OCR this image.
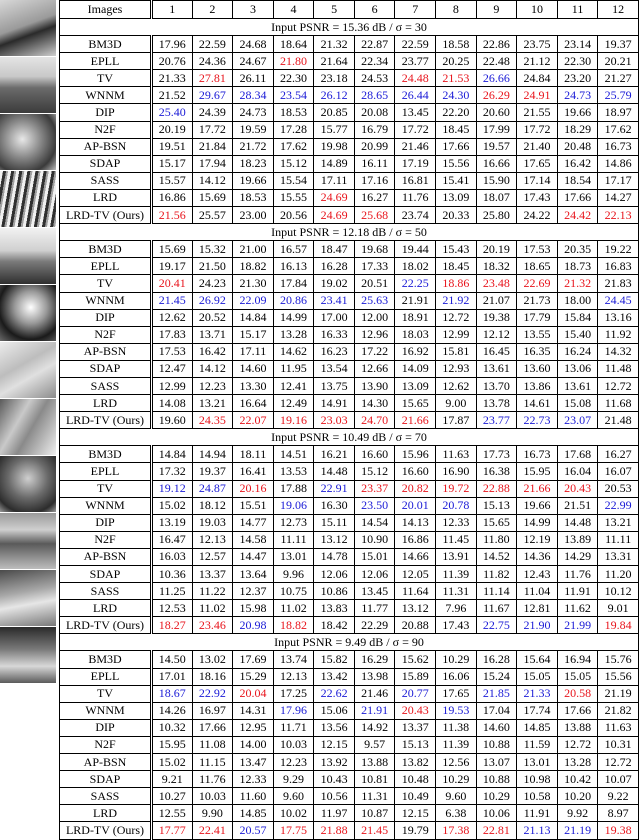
Images	1	2	3	4	5	6	7	8	9	10	11	12
Input PSNR = 15.36 dB / σ = 30												
BM3D	17.96	22.59	24.68	18.64	21.32	22.87	22.59	18.58	22.86	23.75	23.14	19.37
EPLL	20.76	24.36	24.67	21.80	21.64	22.34	23.77	20.25	22.48	21.12	22.30	20.21
TV	21.33	27.81	26.11	22.30	23.18	24.53	24.48	21.53	26.66	24.84	23.20	21.27
WNNM	21.52	29.67	28.34	23.54	26.12	28.65	26.44	24.30	26.29	24.91	24.73	25.79
DIP	25.40	24.39	24.73	18.53	20.85	20.08	13.45	22.20	20.60	21.55	19.66	18.97
N2F	20.19	17.72	19.59	17.28	15.77	16.79	17.72	18.45	17.99	17.72	18.29	17.62
AP-BSN	19.51	21.84	21.72	17.62	19.98	20.99	21.46	17.66	19.57	21.40	20.48	16.73
SDAP	15.17	17.94	18.23	15.12	14.89	16.11	17.19	15.56	16.66	17.65	16.42	14.86
SASS	15.57	14.12	19.66	15.54	17.11	17.16	16.81	15.41	15.90	17.14	18.54	17.17
LRD	16.86	15.69	18.53	15.55	24.69	16.27	11.76	13.09	18.07	17.43	17.66	14.27
LRD-TV (Ours)	21.56	25.57	23.00	20.56	24.69	25.68	23.74	20.33	25.80	24.22	24.42	22.13
Input PSNR = 12.18 dB / σ = 50												
BM3D	15.69	15.32	21.00	16.57	18.47	19.68	19.44	15.43	20.19	17.53	20.35	19.22
EPLL	19.17	21.50	18.82	16.13	16.28	17.33	18.02	18.45	18.32	18.65	18.73	16.83
TV	20.41	24.23	21.30	17.84	19.02	20.51	22.25	18.86	23.48	22.69	21.32	21.83
WNNM	21.45	26.92	22.09	20.86	23.41	25.63	21.91	21.92	21.07	21.73	18.00	24.45
DIP	12.62	20.52	14.84	14.99	17.00	12.00	18.91	12.72	19.38	17.79	15.84	13.16
N2F	17.83	13.71	15.17	13.28	16.33	12.96	18.03	12.99	12.12	13.55	15.40	11.92
AP-BSN	17.53	16.42	17.11	14.62	16.23	17.22	16.92	15.81	16.45	16.35	16.24	14.32
SDAP	12.47	14.12	14.60	11.95	13.54	12.66	14.09	12.93	13.61	13.60	13.06	11.48
SASS	12.99	12.23	13.30	12.41	13.75	13.90	13.09	12.62	13.70	13.86	13.61	12.72
LRD	14.08	13.21	16.64	12.49	14.91	14.30	15.65	9.00	13.78	14.61	15.08	11.68
LRD-TV (Ours)	19.60	24.35	22.07	19.16	23.03	24.70	21.66	17.87	23.77	22.73	23.07	21.48
Input PSNR = 10.49 dB / σ = 70												
BM3D	14.84	14.94	18.11	14.51	16.21	16.60	15.96	11.63	17.73	16.73	17.68	16.27
EPLL	17.32	19.37	16.41	13.53	14.48	15.12	16.60	16.90	16.38	15.95	16.04	16.07
TV	19.12	24.87	20.16	17.88	22.91	23.37	20.82	19.72	22.88	21.66	20.43	20.53
WNNM	15.02	18.12	15.51	19.06	16.30	23.50	20.01	20.78	15.13	19.66	21.51	22.99
DIP	13.19	19.03	14.77	12.73	15.11	14.54	14.13	12.33	15.65	14.99	14.48	13.21
N2F	16.47	12.13	14.58	11.11	13.12	10.90	16.86	11.45	11.80	12.19	13.89	11.11
AP-BSN	16.03	12.57	14.47	13.01	14.78	15.01	14.66	13.91	14.52	14.36	14.29	13.31
SDAP	10.36	13.37	13.64	9.96	12.06	12.06	12.05	11.39	11.82	12.43	11.76	11.20
SASS	11.25	11.22	12.37	10.75	10.86	13.45	11.64	11.31	11.14	11.04	11.91	10.12
LRD	12.53	11.02	15.98	11.02	13.83	11.77	13.12	7.96	11.67	12.81	11.62	9.01
LRD-TV (Ours)	18.27	23.46	20.98	18.82	18.42	22.29	20.88	17.43	22.75	21.90	21.99	19.84
Input PSNR = 9.49 dB / σ = 90												
BM3D	14.50	13.02	17.69	13.74	15.82	16.29	15.62	10.29	16.28	15.64	16.94	15.76
EPLL	17.01	18.16	15.29	12.13	13.42	13.98	15.89	16.06	15.24	15.05	15.05	15.56
TV	18.67	22.92	20.04	17.25	22.62	21.46	20.77	17.65	21.85	21.33	20.58	21.19
WNNM	14.26	16.97	14.31	17.96	15.06	21.91	20.43	19.53	17.04	17.74	17.66	21.82
DIP	10.32	17.66	12.95	11.71	13.56	14.92	13.37	11.38	14.60	14.85	13.88	11.63
N2F	15.95	11.08	14.00	10.03	12.15	9.57	15.13	11.39	10.88	11.59	12.72	10.31
AP-BSN	15.02	11.15	13.47	12.23	13.92	13.88	13.82	12.56	13.07	13.01	13.28	12.72
SDAP	9.21	11.76	12.33	9.29	10.43	10.81	10.48	10.29	10.88	10.98	10.42	10.07
SASS	10.27	10.03	11.60	9.60	10.56	11.31	10.49	9.60	10.29	10.58	10.20	9.22
LRD	12.55	9.90	14.85	10.02	11.97	10.87	12.15	6.38	10.06	11.91	9.92	8.97
LRD-TV (Ours)	17.77	22.41	20.57	17.75	21.88	21.45	19.79	17.38	22.81	21.13	21.19	19.38
